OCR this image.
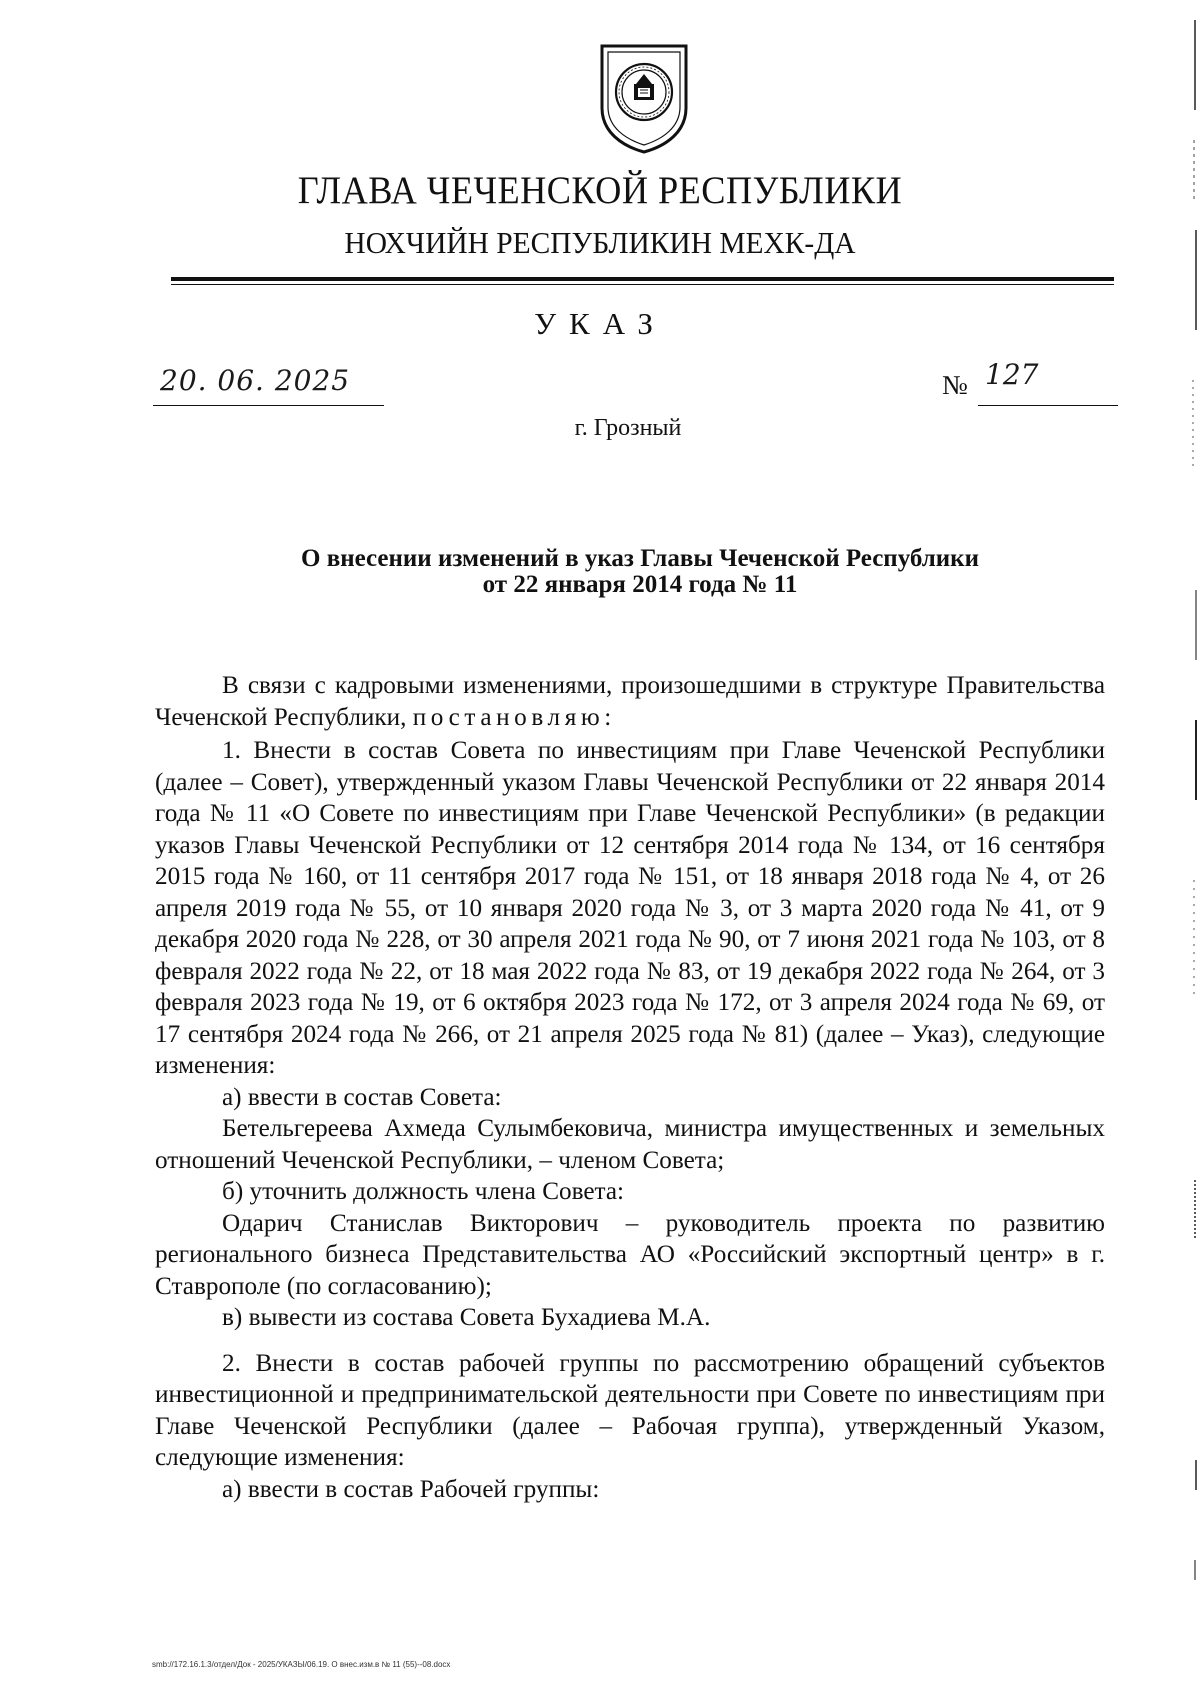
ГЛАВА ЧЕЧЕНСКОЙ РЕСПУБЛИКИ
НОХЧИЙН РЕСПУБЛИКИН МЕХК-ДА
УКАЗ
20. 06. 2025	№ 127
г. Грозный
О внесении изменений в указ Главы Чеченской Республики
от 22 января 2014 года № 11
В связи с кадровыми изменениями, произошедшими в структуре Правительства Чеченской Республики, постановляю:
1. Внести в состав Совета по инвестициям при Главе Чеченской Республики (далее – Совет), утвержденный указом Главы Чеченской Республики от 22 января 2014 года № 11 «О Совете по инвестициям при Главе Чеченской Республики» (в редакции указов Главы Чеченской Республики от 12 сентября 2014 года № 134, от 16 сентября 2015 года № 160, от 11 сентября 2017 года № 151, от 18 января 2018 года № 4, от 26 апреля 2019 года № 55, от 10 января 2020 года № 3, от 3 марта 2020 года № 41, от 9 декабря 2020 года № 228, от 30 апреля 2021 года № 90, от 7 июня 2021 года № 103, от 8 февраля 2022 года № 22, от 18 мая 2022 года № 83, от 19 декабря 2022 года № 264, от 3 февраля 2023 года № 19, от 6 октября 2023 года № 172, от 3 апреля 2024 года № 69, от 17 сентября 2024 года № 266, от 21 апреля 2025 года № 81) (далее – Указ), следующие изменения:
а) ввести в состав Совета:
Бетельгереева Ахмеда Сулымбековича, министра имущественных и земельных отношений Чеченской Республики, – членом Совета;
б) уточнить должность члена Совета:
Одарич Станислав Викторович – руководитель проекта по развитию регионального бизнеса Представительства АО «Российский экспортный центр» в г. Ставрополе (по согласованию);
в) вывести из состава Совета Бухадиева М.А.
2. Внести в состав рабочей группы по рассмотрению обращений субъектов инвестиционной и предпринимательской деятельности при Совете по инвестициям при Главе Чеченской Республики (далее – Рабочая группа), утвержденный Указом, следующие изменения:
а) ввести в состав Рабочей группы:
smb://172.16.1.3/отдел/Док - 2025/УКАЗЫ/06.19. О внес.изм.в № 11 (55)--08.docx
